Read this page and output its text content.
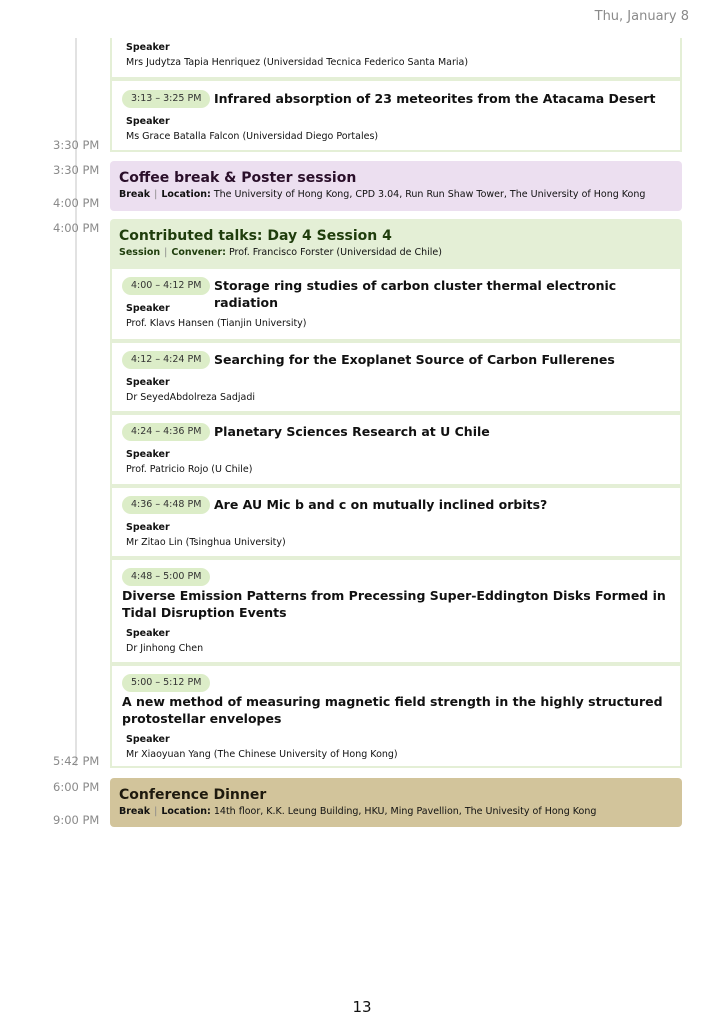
Thu, January 8
3:30 PM
3:30 PM
4:00 PM
4:00 PM
5:42 PM
6:00 PM
9:00 PM
Speaker
Mrs Judytza Tapia Henriquez (Universidad Tecnica Federico Santa Maria)
3:13 – 3:25 PM	Infrared absorption of 23 meteorites from the Atacama Desert
Speaker
Ms Grace Batalla Falcon (Universidad Diego Portales)
Coffee break & Poster session
Break | Location: The University of Hong Kong, CPD 3.04, Run Run Shaw Tower, The University of Hong Kong
Contributed talks: Day 4 Session 4
Session | Convener: Prof. Francisco Forster (Universidad de Chile)
4:00 – 4:12 PM	Storage ring studies of carbon cluster thermal electronic radiation
Speaker
Prof. Klavs Hansen (Tianjin University)
4:12 – 4:24 PM	Searching for the Exoplanet Source of Carbon Fullerenes
Speaker
Dr SeyedAbdolreza Sadjadi
4:24 – 4:36 PM	Planetary Sciences Research at U Chile
Speaker
Prof. Patricio Rojo (U Chile)
4:36 – 4:48 PM	Are AU Mic b and c on mutually inclined orbits?
Speaker
Mr Zitao Lin (Tsinghua University)
4:48 – 5:00 PM
Diverse Emission Patterns from Precessing Super-Eddington Disks Formed in Tidal Disruption Events
Speaker
Dr Jinhong Chen
5:00 – 5:12 PM
A new method of measuring magnetic field strength in the highly structured protostellar envelopes
Speaker
Mr Xiaoyuan Yang (The Chinese University of Hong Kong)
Conference Dinner
Break | Location: 14th floor, K.K. Leung Building, HKU, Ming Pavellion, The Univesity of Hong Kong
13
